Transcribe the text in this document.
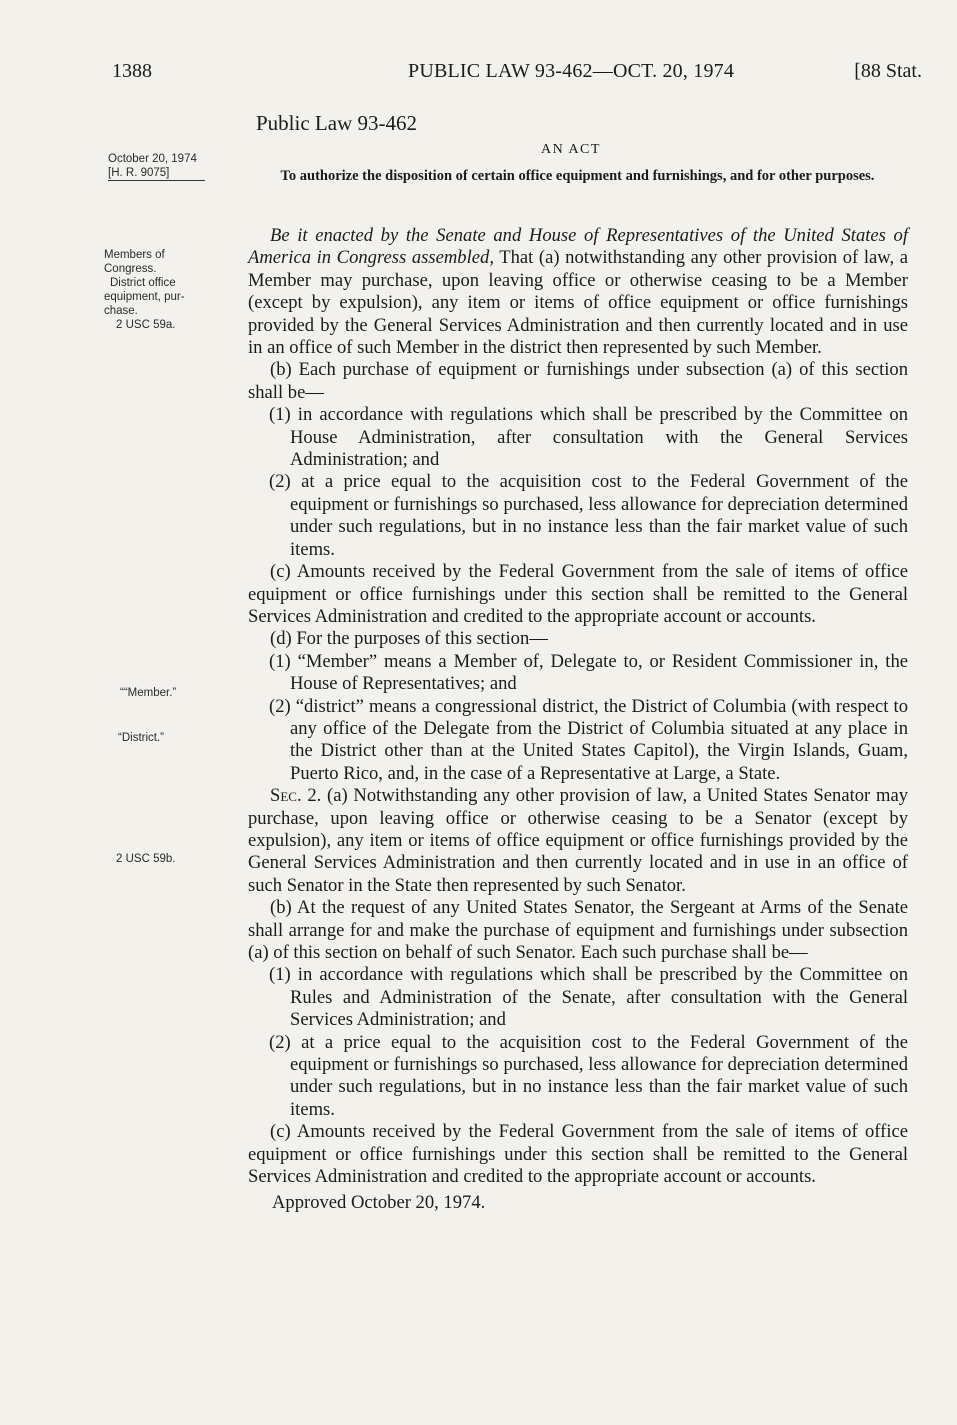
1388	PUBLIC LAW 93-462—OCT. 20, 1974	[88 Stat.
Public Law 93-462
AN ACT
To authorize the disposition of certain office equipment and furnishings, and for other purposes.
October 20, 1974
[H. R. 9075]
Members of
Congress.
District office
equipment, pur-
chase.
2 USC 59a.
““Member.”
“District.”
2 USC 59b.

Be it enacted by the Senate and House of Representatives of the United States of America in Congress assembled, That (a) notwithstanding any other provision of law, a Member may purchase, upon leaving office or otherwise ceasing to be a Member (except by expulsion), any item or items of office equipment or office furnishings provided by the General Services Administration and then currently located and in use in an office of such Member in the district then represented by such Member.

(b) Each purchase of equipment or furnishings under subsection (a) of this section shall be—

(1) in accordance with regulations which shall be prescribed by the Committee on House Administration, after consultation with the General Services Administration; and

(2) at a price equal to the acquisition cost to the Federal Government of the equipment or furnishings so purchased, less allowance for depreciation determined under such regulations, but in no instance less than the fair market value of such items.

(c) Amounts received by the Federal Government from the sale of items of office equipment or office furnishings under this section shall be remitted to the General Services Administration and credited to the appropriate account or accounts.

(d) For the purposes of this section—

(1) “Member” means a Member of, Delegate to, or Resident Commissioner in, the House of Representatives; and

(2) “district” means a congressional district, the District of Columbia (with respect to any office of the Delegate from the District of Columbia situated at any place in the District other than at the United States Capitol), the Virgin Islands, Guam, Puerto Rico, and, in the case of a Representative at Large, a State.

Sec. 2. (a) Notwithstanding any other provision of law, a United States Senator may purchase, upon leaving office or otherwise ceasing to be a Senator (except by expulsion), any item or items of office equipment or office furnishings provided by the General Services Administration and then currently located and in use in an office of such Senator in the State then represented by such Senator.

(b) At the request of any United States Senator, the Sergeant at Arms of the Senate shall arrange for and make the purchase of equipment and furnishings under subsection (a) of this section on behalf of such Senator. Each such purchase shall be—

(1) in accordance with regulations which shall be prescribed by the Committee on Rules and Administration of the Senate, after consultation with the General Services Administration; and

(2) at a price equal to the acquisition cost to the Federal Government of the equipment or furnishings so purchased, less allowance for depreciation determined under such regulations, but in no instance less than the fair market value of such items.

(c) Amounts received by the Federal Government from the sale of items of office equipment or office furnishings under this section shall be remitted to the General Services Administration and credited to the appropriate account or accounts.

Approved October 20, 1974.
